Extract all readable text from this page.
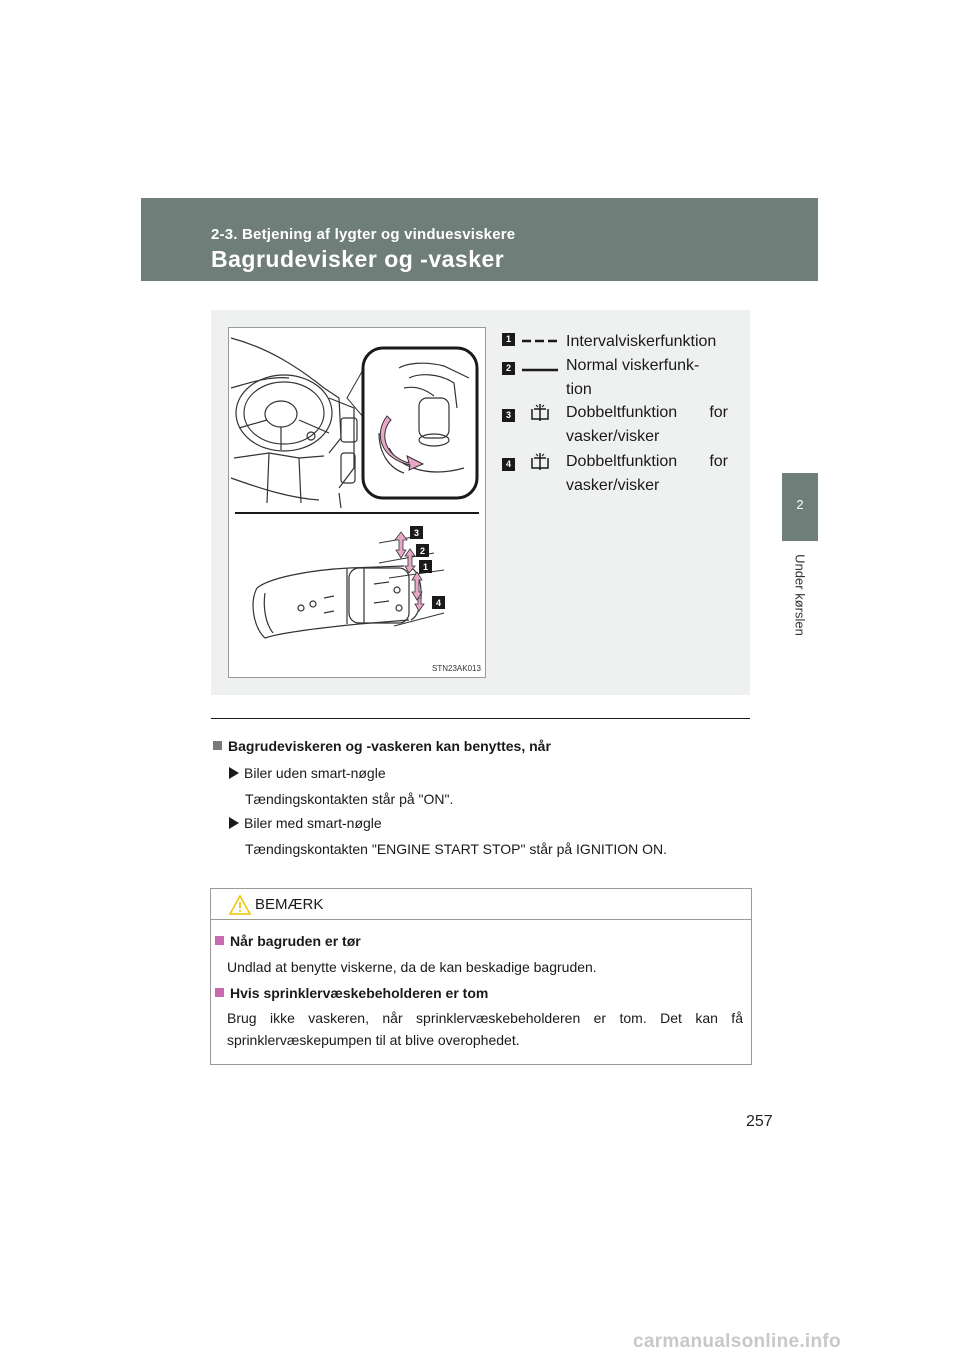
2-3. Betjening af lygter og vinduesviskere
Bagrudevisker og -vasker
2
Under kørslen
3
2
1
4
STN23AK013
1	Intervalviskerfunktion
2	Normal viskerfunk-
tion
3	Dobbeltfunktion for vasker/visker
4	Dobbeltfunktion for vasker/visker
Bagrudeviskeren og -vaskeren kan benyttes, når
Biler uden smart-nøgle
Tændingskontakten står på "ON".
Biler med smart-nøgle
Tændingskontakten "ENGINE START STOP" står på IGNITION ON.
BEMÆRK
Når bagruden er tør
Undlad at benytte viskerne, da de kan beskadige bagruden.
Hvis sprinklervæskebeholderen er tom
Brug ikke vaskeren, når sprinklervæskebeholderen er tom. Det kan få sprinklervæskepumpen til at blive overophedet.
257
carmanualsonline.info
